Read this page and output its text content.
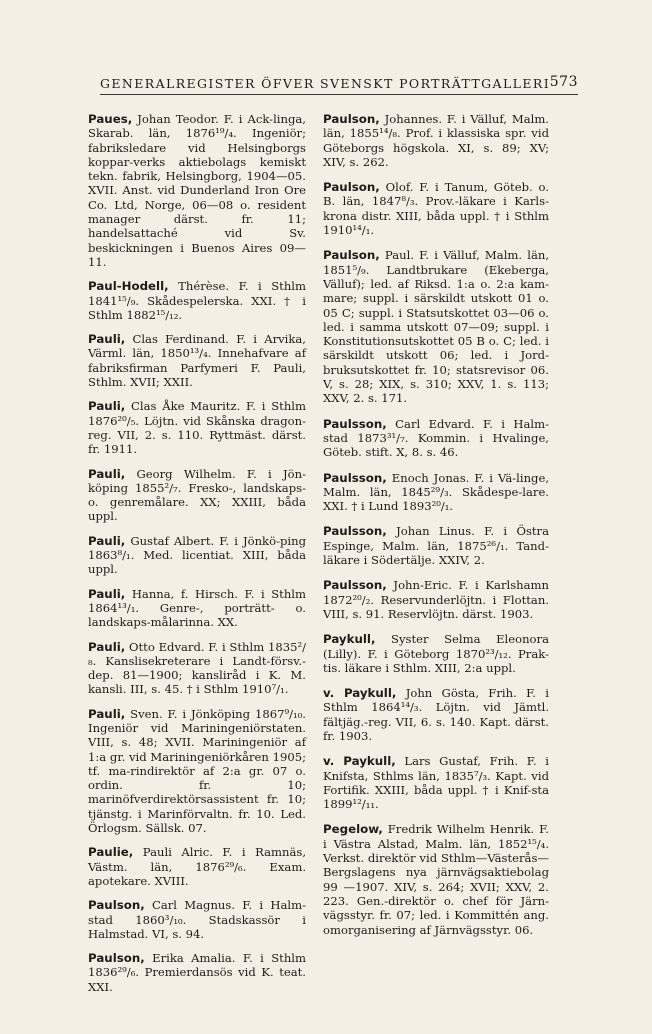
GENERALREGISTER ÖFVER SVENSKT PORTRÄTTGALLERI 573

Paues, Johan Teodor. F. i Ack-linga, Skarab. län, 1876¹⁹/₄. Ingeniör; fabriksledare vid Helsingborgs koppar-verks aktiebolags kemiskt tekn. fabrik, Helsingborg, 1904—05. XVII. Anst. vid Dunderland Iron Ore Co. Ltd, Norge, 06—08 o. resident manager därst. fr. 11; handelsattaché vid Sv. beskickningen i Buenos Aires 09—11.

Paul-Hodell, Thérèse. F. i Sthlm 1841¹⁵/₉. Skådespelerska. XXI. † i Sthlm 1882¹⁵/₁₂.

Pauli, Clas Ferdinand. F. i Arvika, Värml. län, 1850¹³/₄. Innehafvare af fabriksfirman Parfymeri F. Pauli, Sthlm. XVII; XXII.

Pauli, Clas Åke Mauritz. F. i Sthlm 1876²⁰/₅. Löjtn. vid Skånska dragon-reg. VII, 2. s. 110. Ryttmäst. därst. fr. 1911.

Pauli, Georg Wilhelm. F. i Jön-köping 1855²/₇. Fresko-, landskaps- o. genremålare. XX; XXIII, båda uppl.

Pauli, Gustaf Albert. F. i Jönkö-ping 1863⁸/₁. Med. licentiat. XIII, båda uppl.

Pauli, Hanna, f. Hirsch. F. i Sthlm 1864¹³/₁. Genre-, porträtt- o. landskaps-målarinna. XX.

Pauli, Otto Edvard. F. i Sthlm 1835²/₈. Kanslisekreterare i Landt-försv.-dep. 81—1900; kanslіråd i K. M. kansli. III, s. 45. † i Sthlm 1910⁷/₁.

Pauli, Sven. F. i Jönköping 1867⁹/₁₀. Ingeniör vid Marіningeniörstaten. VIII, s. 48; XVII. Mariningeniör af 1:a gr. vid Mariningeniörkåren 1905; tf. ma-rindirektör af 2:a gr. 07 o. ordin. fr. 10; marinöfverdirektörsassistent fr. 10; tjänstg. i Marinförvaltn. fr. 10. Led. Örlogsm. Sällsk. 07.

Paulie, Pauli Alric. F. i Ramnäs, Västm. län, 1876²⁹/₆. Exam. apotekare. XVIII.

Paulson, Carl Magnus. F. i Halm-stad 1860³/₁₀. Stadskassör i Halmstad. VI, s. 94.

Paulson, Erika Amalia. F. i Sthlm 1836²⁹/₆. Premierdansös vid K. teat. XXI.

Paulson, Johannes. F. i Välluf, Malm. län, 1855¹⁴/₈. Prof. i klassiska spr. vid Göteborgs högskola. XI, s. 89; XV; XIV, s. 262.

Paulson, Olof. F. i Tanum, Göteb. o. B. län, 1847⁸/₃. Prov.-läkare i Karls-krona distr. XIII, båda uppl. † i Sthlm 1910¹⁴/₁.

Paulson, Paul. F. i Välluf, Malm. län, 1851⁵/₉. Landtbrukare (Ekeberga, Välluf); led. af Riksd. 1:a o. 2:a kam-mare; suppl. i särskildt utskott 01 o. 05 C; suppl. i Statsutskottet 03—06 o. led. i samma utskott 07—09; suppl. i Konstitutionsutskottet 05 B o. C; led. i särskildt utskott 06; led. i Jord-bruksutskottet fr. 10; statsrevisor 06. V, s. 28; XIX, s. 310; XXV, 1. s. 113; XXV, 2. s. 171.

Paulsson, Carl Edvard. F. i Halm-stad 1873³¹/₇. Kommin. i Hvalinge, Göteb. stift. X, 8. s. 46.

Paulsson, Enoch Jonas. F. i Vä-linge, Malm. län, 1845²⁹/₃. Skådespe-lare. XXI. † i Lund 1893²⁰/₁.

Paulsson, Johan Linus. F. i Östra Espinge, Malm. län, 1875²⁶/₁. Tand-läkare i Södertälje. XXIV, 2.

Paulsson, John-Eric. F. i Karlshamn 1872²⁰/₂. Reservunderlöjtn. i Flottan. VIII, s. 91. Reservlöjtn. därst. 1903.

Paykull, Syster Selma Eleonora (Lilly). F. i Göteborg 1870²³/₁₂. Prak-tis. läkare i Sthlm. XIII, 2:a uppl.

v. Paykull, John Gösta, Frih. F. i Sthlm 1864¹⁴/₃. Löjtn. vid Jämtl. fältjäg.-reg. VII, 6. s. 140. Kapt. därst. fr. 1903.

v. Paykull, Lars Gustaf, Frih. F. i Knifsta, Sthlms län, 1835⁷/₃. Kapt. vid Fortifik. XXIII, båda uppl. † i Knif-sta 1899¹²/₁₁.

Pegelow, Fredrik Wilhelm Henrik. F. i Västra Alstad, Malm. län, 1852¹⁵/₄. Verkst. direktör vid Sthlm—Västerås—Bergslagens nya järnvägsaktiebolag 99 —1907. XIV, s. 264; XVII; XXV, 2. 223. Gen.-direktör o. chef för Järn-vägsstyr. fr. 07; led. i Kommittén ang. omorganisering af Järnvägsstyr. 06.
